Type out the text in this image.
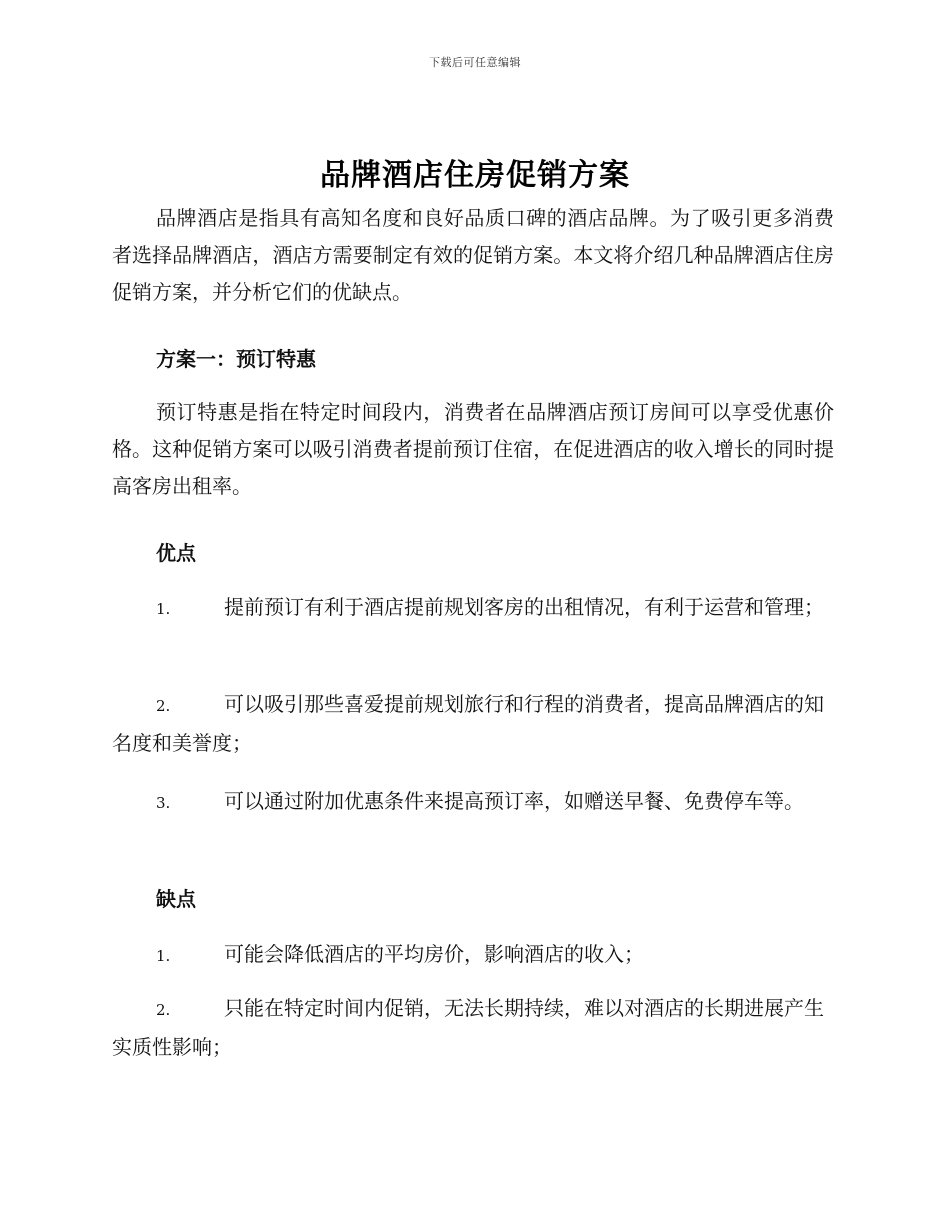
下载后可任意编辑
品牌酒店住房促销方案

品牌酒店是指具有高知名度和良好品质口碑的酒店品牌。为了吸引更多消费者选择品牌酒店，酒店方需要制定有效的促销方案。本文将介绍几种品牌酒店住房促销方案，并分析它们的优缺点。

方案一：预订特惠

预订特惠是指在特定时间段内，消费者在品牌酒店预订房间可以享受优惠价格。这种促销方案可以吸引消费者提前预订住宿，在促进酒店的收入增长的同时提高客房出租率。

优点

1.	提前预订有利于酒店提前规划客房的出租情况，有利于运营和管理；

2.	可以吸引那些喜爱提前规划旅行和行程的消费者，提高品牌酒店的知名度和美誉度；

3.	可以通过附加优惠条件来提高预订率，如赠送早餐、免费停车等。

缺点

1.	可能会降低酒店的平均房价，影响酒店的收入；

2.	只能在特定时间内促销，无法长期持续，难以对酒店的长期进展产生实质性影响；
